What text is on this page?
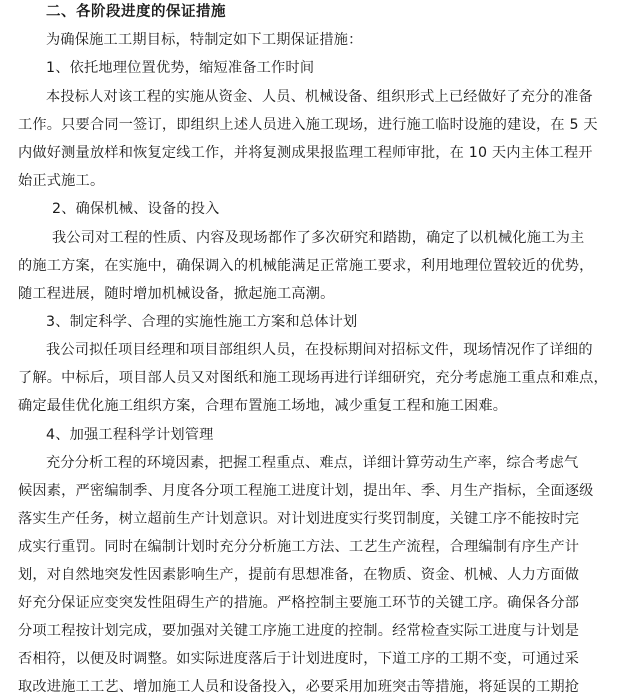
二、各阶段进度的保证措施
为确保施工工期目标，特制定如下工期保证措施：
1、依托地理位置优势，缩短准备工作时间
本投标人对该工程的实施从资金、人员、机械设备、组织形式上已经做好了充分的准备
工作。只要合同一签订，即组织上述人员进入施工现场，进行施工临时设施的建设，在 5 天
内做好测量放样和恢复定线工作，并将复测成果报监理工程师审批，在 10 天内主体工程开
始正式施工。
2、确保机械、设备的投入
我公司对工程的性质、内容及现场都作了多次研究和踏勘，确定了以机械化施工为主
的施工方案，在实施中，确保调入的机械能满足正常施工要求，利用地理位置较近的优势，
随工程进展，随时增加机械设备，掀起施工高潮。
3、制定科学、合理的实施性施工方案和总体计划
我公司拟任项目经理和项目部组织人员，在投标期间对招标文件，现场情况作了详细的
了解。中标后，项目部人员又对图纸和施工现场再进行详细研究，充分考虑施工重点和难点，
确定最佳优化施工组织方案，合理布置施工场地，减少重复工程和施工困难。
4、加强工程科学计划管理
充分分析工程的环境因素，把握工程重点、难点，详细计算劳动生产率，综合考虑气
候因素，严密编制季、月度各分项工程施工进度计划，提出年、季、月生产指标，全面逐级
落实生产任务，树立超前生产计划意识。对计划进度实行奖罚制度，关键工序不能按时完
成实行重罚。同时在编制计划时充分分析施工方法、工艺生产流程，合理编制有序生产计
划，对自然地突发性因素影响生产，提前有思想准备，在物质、资金、机械、人力方面做
好充分保证应变突发性阻碍生产的措施。严格控制主要施工环节的关键工序。确保各分部
分项工程按计划完成，要加强对关键工序施工进度的控制。经常检查实际工进度与计划是
否相符，以便及时调整。如实际进度落后于计划进度时，下道工序的工期不变，可通过采
取改进施工工艺、增加施工人员和设备投入，必要采用加班突击等措施，将延误的工期抢
